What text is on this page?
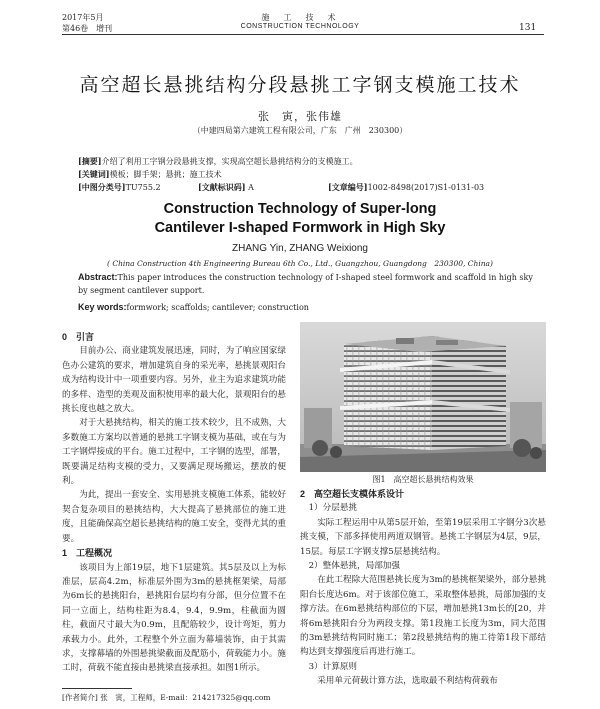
2017年5月
第46卷　增刊
施　工　技　术
CONSTRUCTION TECHNOLOGY	131
高空超长悬挑结构分段悬挑工字钢支模施工技术
张　寅，张伟雄
（中建四局第六建筑工程有限公司，广东　广州　230300）
[摘要]介绍了利用工字钢分段悬挑支撑，实现高空超长悬挑结构分的支模施工。
[关键词]模板；脚手架；悬挑；施工技术
[中图分类号]TU755.2	[文献标识码] A	[文章编号]1002-8498(2017)S1-0131-03
Construction Technology of Super-long
Cantilever I-shaped Formwork in High Sky
ZHANG Yin, ZHANG Weixiong
( China Construction 4th Engineering Bureau 6th Co., Ltd., Guangzhou, Guangdong　230300, China)
Abstract:This paper introduces the construction technology of I-shaped steel formwork and scaffold in high sky by segment cantilever support.
Key words:formwork; scaffolds; cantilever; construction
0　引言

目前办公、商业建筑发展迅速，同时，为了响应国家绿色办公建筑的要求，增加建筑自身的采光率，悬挑景观阳台成为结构设计中一项重要内容。另外，业主为追求建筑功能的多样、造型的美观及面积使用率的最大化，景观阳台的悬挑长度也越之放大。

对于大悬挑结构，相关的施工技术较少，且不成熟，大多数施工方案均以普通的悬挑工字钢支模为基础，或在与为工字钢焊接成的平台。施工过程中，工字钢的选型，部署，既要满足结构支模的受力，又要满足现场搬运，摆放的便利。

为此，提出一套安全、实用悬挑支模施工体系，能较好契合复杂项目的悬挑结构，大大提高了悬挑部位的施工进度，且能确保高空超长悬挑结构的施工安全，变得尤其的重要。

1　工程概况

该项目为上部19层，地下1层建筑。其5层及以上为标准层，层高4.2m，标准层外围为3m的悬挑框架梁，局部为6m长的悬挑阳台，悬挑阳台层均有分部，但分位置不在同一立面上，结构柱距为8.4，9.4，9.9m，柱截面为圆柱，截面尺寸最大为0.9m，且配筋较少，设计弯矩，剪力承载力小。此外，工程整个外立面为幕墙装饰，由于其需求，支撑幕墙的外围悬挑梁截面及配筋小，荷载能力小。施工时，荷载不能直接由悬挑梁直接承担。如图1所示。

图1　高空超长悬挑结构效果
2　高空超长支模体系设计

1）分层悬挑

实际工程运用中从第5层开始，至第19层采用工字钢分3次悬挑支模，下部多择使用两道双钢管。悬挑工字钢层为4层，9层，15层。每层工字钢支撑5层悬挑结构。

2）整体悬挑，局部加强

在此工程除大范围悬挑长度为3m的悬挑框架梁外，部分悬挑阳台长度达6m。对于该部位施工，采取整体悬挑，局部加强的支撑方法。在6m悬挑结构部位的下层，增加悬挑13m长的[20，并将6m悬挑阳台分为两段支撑。第1段施工长度为3m，同大范围的3m悬挑结构同时施工；第2段悬挑结构的施工待第1段下部结构达到支撑强度后再进行施工。

3）计算原则

采用单元荷载计算方法，选取最不利结构荷载布

[作者简介] 张　寅，工程师，E-mail：214217325@qq.com
